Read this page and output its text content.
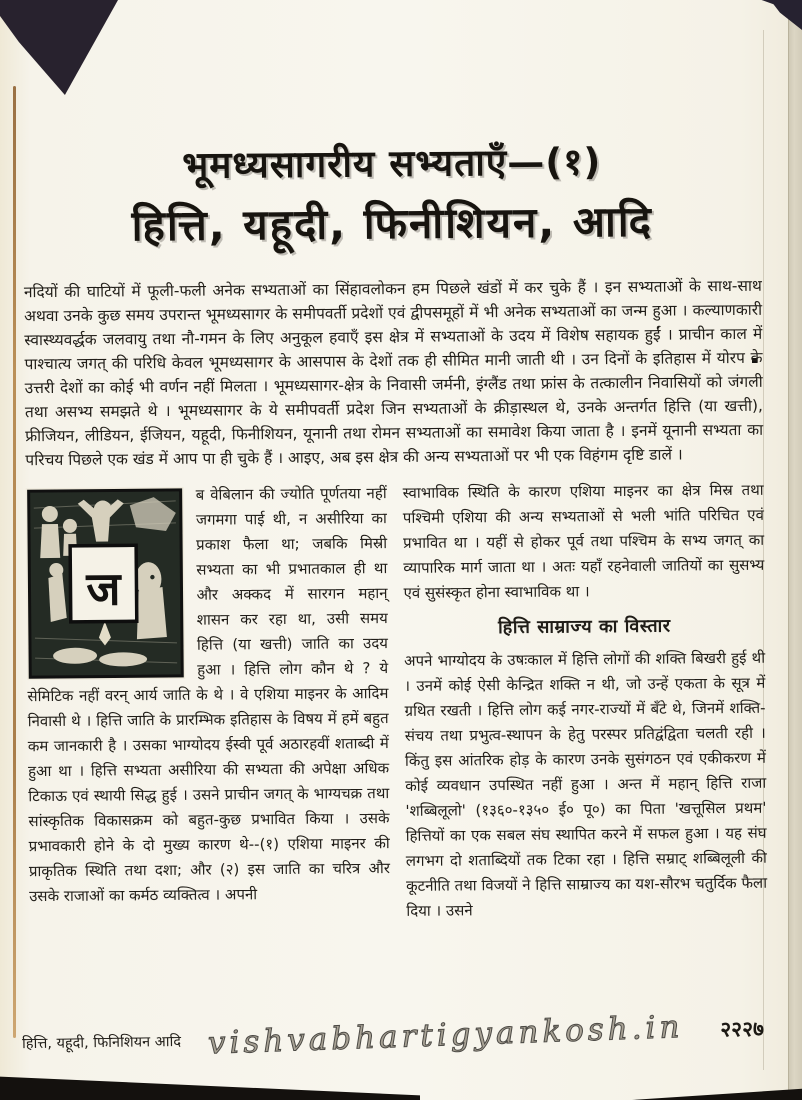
भूमध्यसागरीय सभ्यताएँ—(१)
हित्ति, यहूदी, फिनीशियन, आदि
नदियों की घाटियों में फूली-फली अनेक सभ्यताओं का सिंहावलोकन हम पिछले खंडों में कर चुके हैं । इन सभ्यताओं के साथ-साथ अथवा उनके कुछ समय उपरान्त भूमध्यसागर के समीपवर्ती प्रदेशों एवं द्वीपसमूहों में भी अनेक सभ्यताओं का जन्म हुआ । कल्याणकारी स्वास्थ्यवर्द्धक जलवायु तथा नौ-गमन के लिए अनुकूल हवाएँ इस क्षेत्र में सभ्यताओं के उदय में विशेष सहायक हुईं । प्राचीन काल में पाश्चात्य जगत् की परिधि केवल भूमध्यसागर के आसपास के देशों तक ही सीमित मानी जाती थी । उन दिनों के इतिहास में योरप के उत्तरी देशों का कोई भी वर्णन नहीं मिलता । भूमध्यसागर-क्षेत्र के निवासी जर्मनी, इंग्लैंड तथा फ्रांस के तत्कालीन निवासियों को जंगली तथा असभ्य समझते थे । भूमध्यसागर के ये समीपवर्ती प्रदेश जिन सभ्यताओं के क्रीड़ास्थल थे, उनके अन्तर्गत हित्ति (या खत्ती), फ्रीजियन, लीडियन, ईजियन, यहूदी, फिनीशियन, यूनानी तथा रोमन सभ्यताओं का समावेश किया जाता है । इनमें यूनानी सभ्यता का परिचय पिछले एक खंड में आप पा ही चुके हैं । आइए, अब इस क्षेत्र की अन्य सभ्यताओं पर भी एक विहंगम दृष्टि डालें ।
ज
ब वेबिलान की ज्योति पूर्णतया नहीं जगमगा पाई थी, न असीरिया का प्रकाश फैला था; जबकि मिस्री सभ्यता का भी प्रभातकाल ही था और अक्कद में सारगन महान् शासन कर रहा था, उसी समय हित्ति (या खत्ती) जाति का उदय हुआ । हित्ति लोग कौन थे ? ये सेमिटिक नहीं वरन् आर्य जाति के थे । वे एशिया माइनर के आदिम निवासी थे । हित्ति जाति के प्रारम्भिक इतिहास के विषय में हमें बहुत कम जानकारी है । उसका भाग्योदय ईस्वी पूर्व अठारहवीं शताब्दी में हुआ था । हित्ति सभ्यता असीरिया की सभ्यता की अपेक्षा अधिक टिकाऊ एवं स्थायी सिद्ध हुई । उसने प्राचीन जगत् के भाग्यचक्र तथा सांस्कृतिक विकासक्रम को बहुत-कुछ प्रभावित किया । उसके प्रभावकारी होने के दो मुख्य कारण थे--(१) एशिया माइनर की प्राकृतिक स्थिति तथा दशा; और (२) इस जाति का चरित्र और उसके राजाओं का कर्मठ व्यक्तित्व । अपनी
स्वाभाविक स्थिति के कारण एशिया माइनर का क्षेत्र मिस्र तथा पश्चिमी एशिया की अन्य सभ्यताओं से भली भांति परिचित एवं प्रभावित था । यहीं से होकर पूर्व तथा पश्चिम के सभ्य जगत् का व्यापारिक मार्ग जाता था । अतः यहाँ रहनेवाली जातियों का सुसभ्य एवं सुसंस्कृत होना स्वाभाविक था ।
हित्ति साम्राज्य का विस्तार
अपने भाग्योदय के उषःकाल में हित्ति लोगों की शक्ति बिखरी हुई थी । उनमें कोई ऐसी केन्द्रित शक्ति न थी, जो उन्हें एकता के सूत्र में ग्रथित रखती । हित्ति लोग कई नगर-राज्यों में बँटे थे, जिनमें शक्ति-संचय तथा प्रभुत्व-स्थापन के हेतु परस्पर प्रतिद्वंद्विता चलती रही । किंतु इस आंतरिक होड़ के कारण उनके सुसंगठन एवं एकीकरण में कोई व्यवधान उपस्थित नहीं हुआ । अन्त में महान् हित्ति राजा 'शब्बिलूलो' (१३६०-१३५० ई० पू०) का पिता 'खत्तूसिल प्रथम' हित्तियों का एक सबल संघ स्थापित करने में सफल हुआ । यह संघ लगभग दो शताब्दियों तक टिका रहा । हित्ति सम्राट् शब्बिलूली की कूटनीति तथा विजयों ने हित्ति साम्राज्य का यश-सौरभ चतुर्दिक फैला दिया । उसने
हित्ति, यहूदी, फिनिशियन आदि vishvabhartigyankosh.in	२२२७
